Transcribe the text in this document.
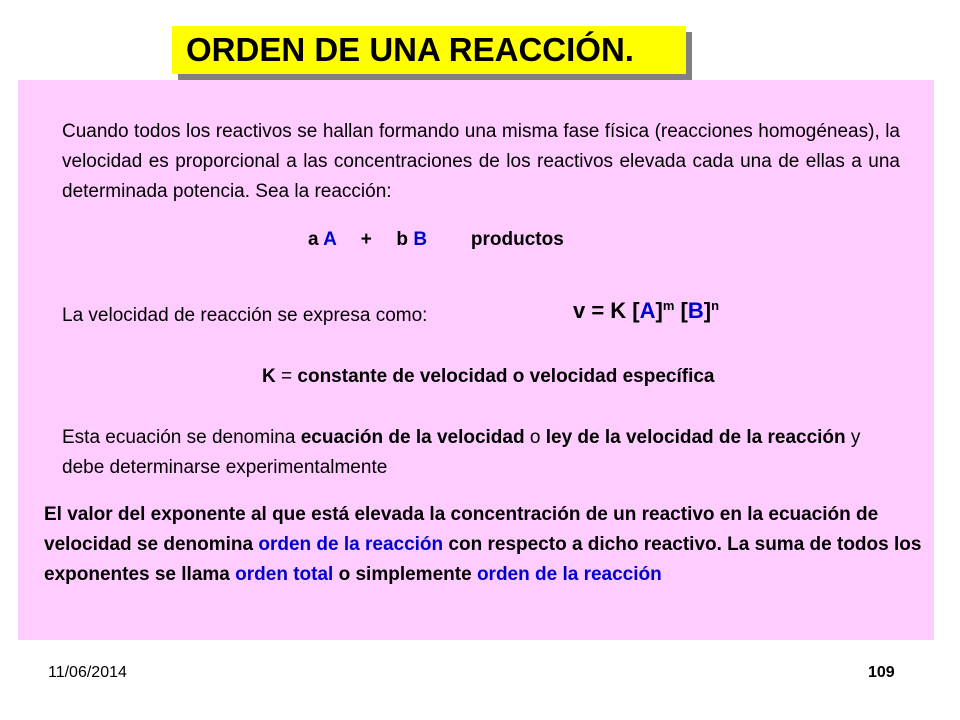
ORDEN DE UNA REACCIÓN.
Cuando todos los reactivos se hallan formando una misma fase física (reacciones homogéneas), la velocidad es proporcional a las concentraciones de los reactivos elevada cada una de ellas a una determinada potencia. Sea la reacción:
a A + b B productos
La velocidad de reacción se expresa como:	v = K $[A]^m$ $[B]^n$
K = constante de velocidad o velocidad específica
Esta ecuación se denomina ecuación de la velocidad o ley de la velocidad de la reacción y debe determinarse experimentalmente
El valor del exponente al que está elevada la concentración de un reactivo en la ecuación de velocidad se denomina orden de la reacción con respecto a dicho reactivo. La suma de todos los exponentes se llama orden total o simplemente orden de la reacción
11/06/2014	109
